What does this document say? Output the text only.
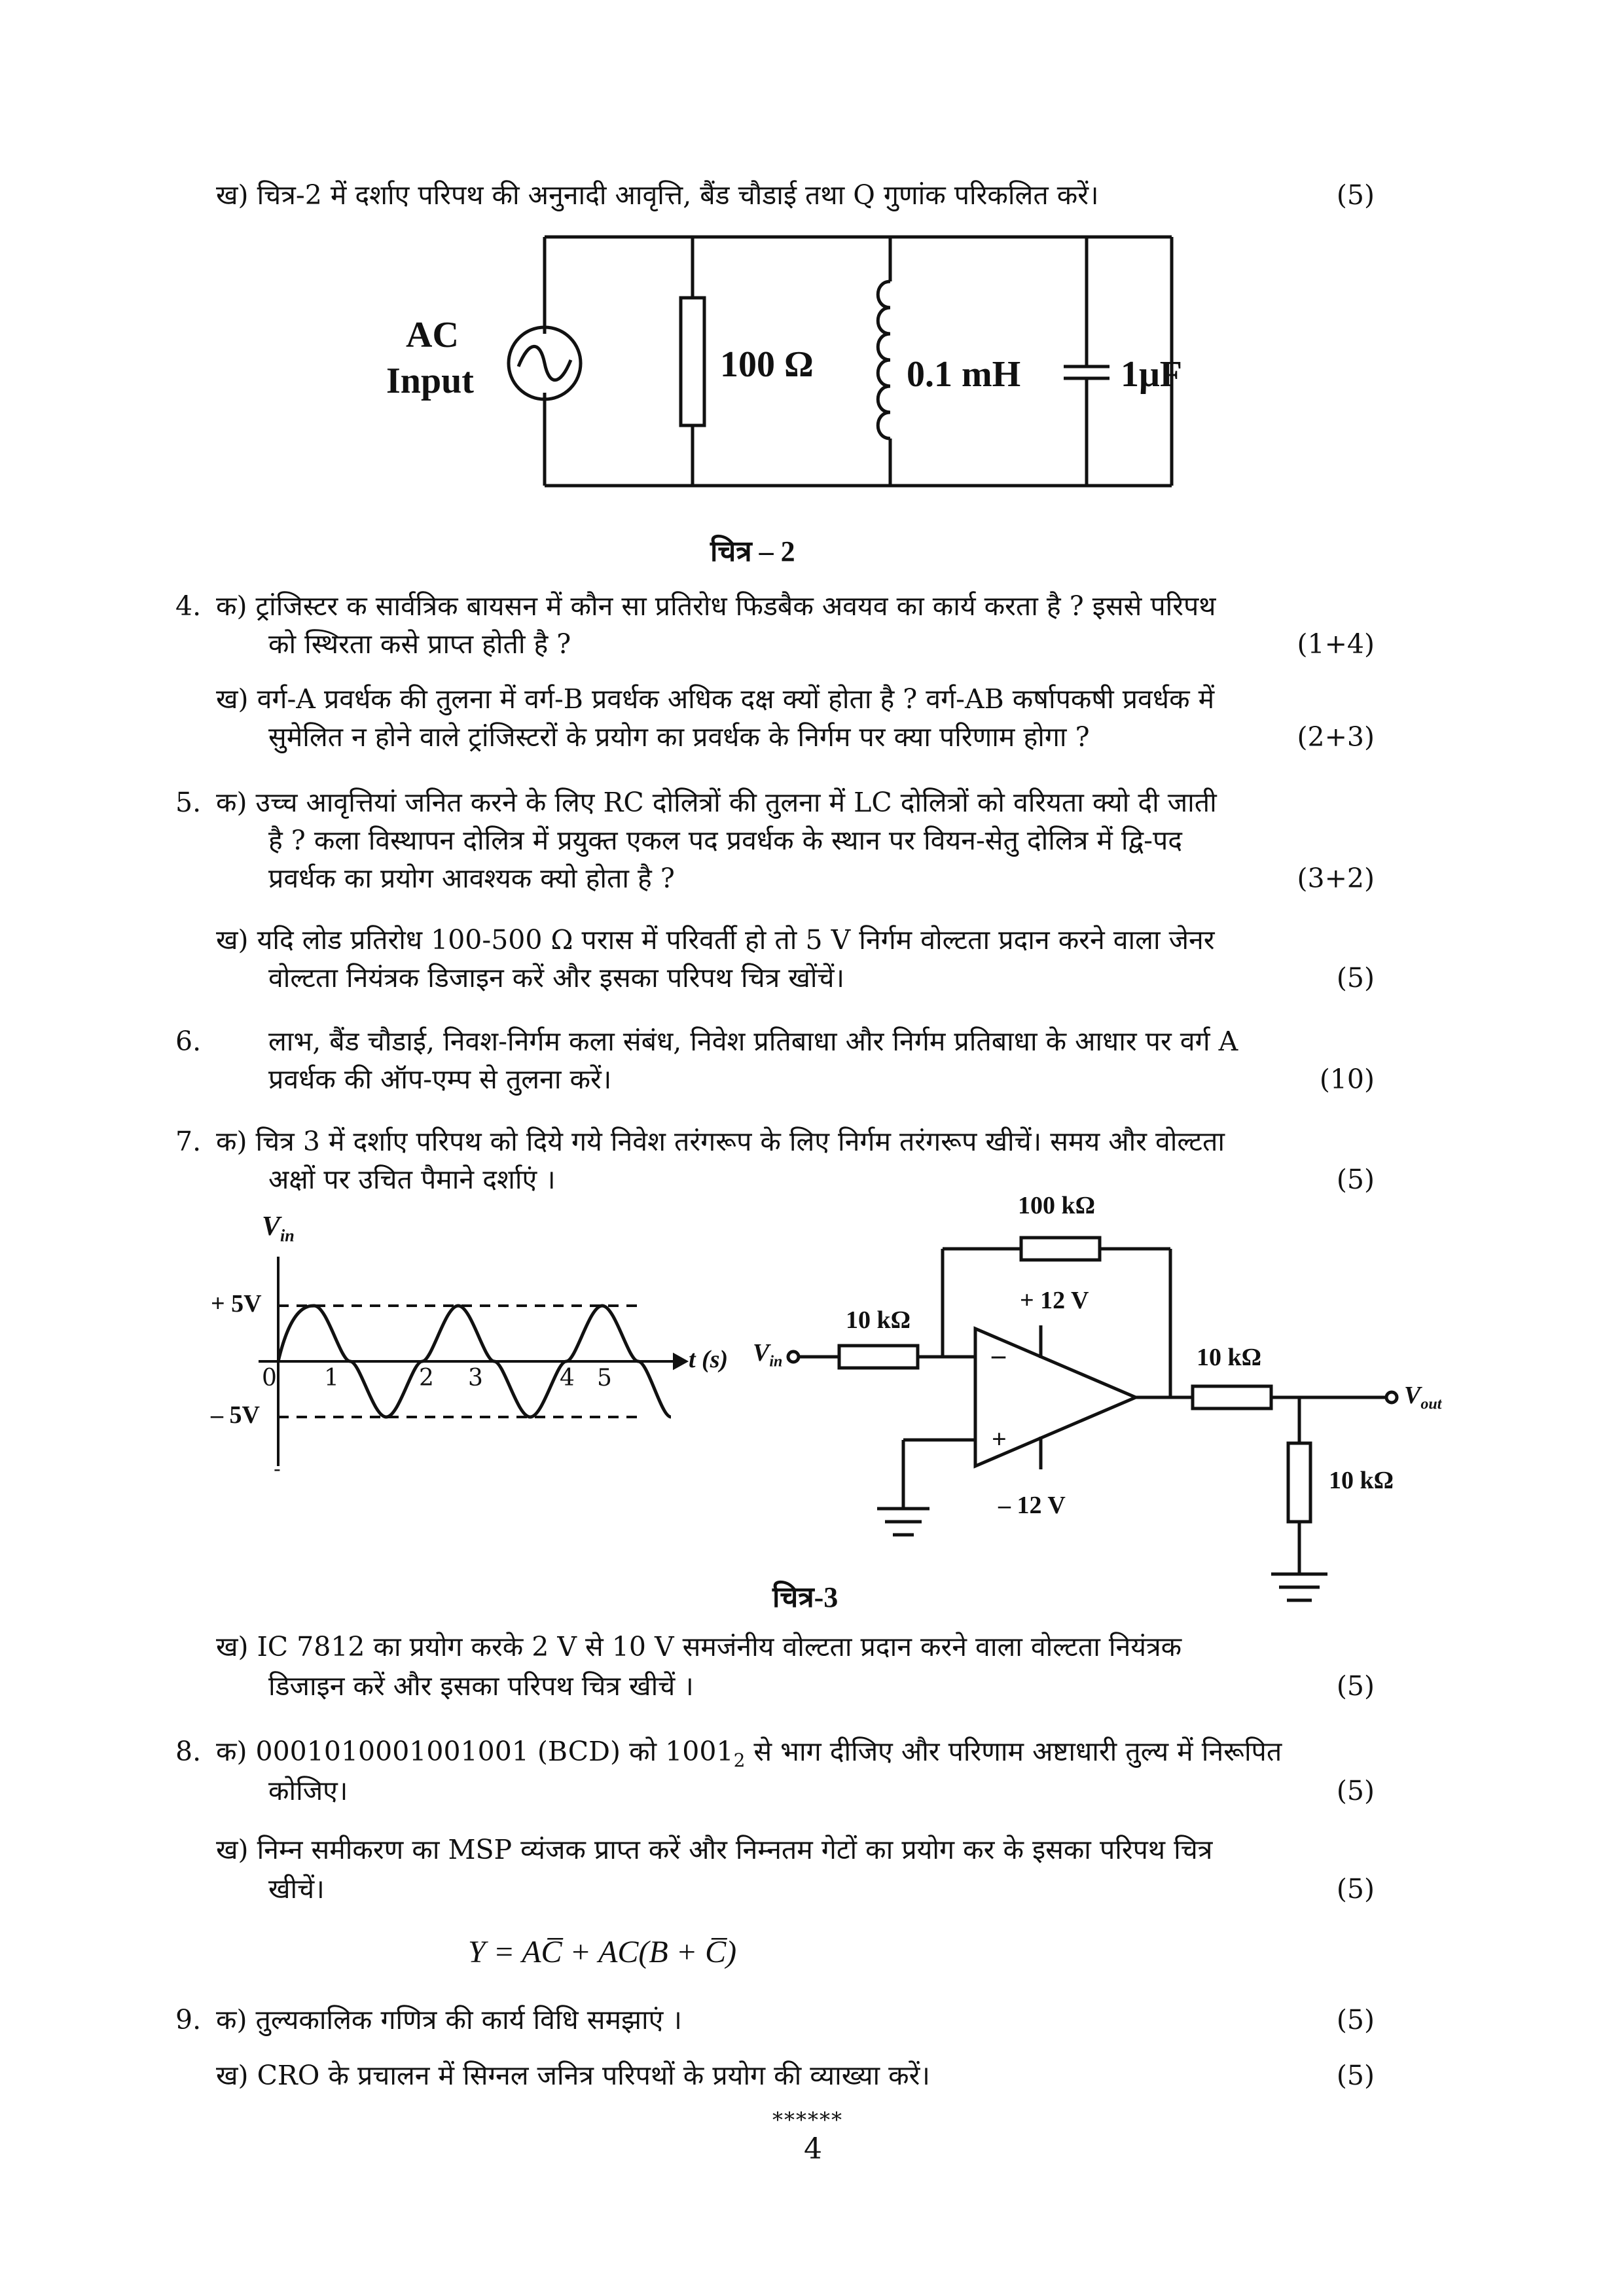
ख) चित्र-2 में दर्शाए परिपथ की अनुनादी आवृत्ति, बैंड चौडाई तथा Q गुणांक परिकलित करें।	(5)
AC
Input	100 Ω	0.1 mH	1μF
चित्र – 2
4. क) ट्रांजिस्टर क सार्वत्रिक बायसन में कौन सा प्रतिरोध फिडबैक अवयव का कार्य करता है ? इससे परिपथ
को स्थिरता कसे प्राप्त होती है ?	(1+4)
ख) वर्ग-A प्रवर्धक की तुलना में वर्ग-B प्रवर्धक अधिक दक्ष क्यों होता है ? वर्ग-AB कर्षापकषी प्रवर्धक में
सुमेलित न होने वाले ट्रांजिस्टरों के प्रयोग का प्रवर्धक के निर्गम पर क्या परिणाम होगा ?	(2+3)
5. क) उच्च आवृत्तियां जनित करने के लिए RC दोलित्रों की तुलना में LC दोलित्रों को वरियता क्यो दी जाती
है ? कला विस्थापन दोलित्र में प्रयुक्त एकल पद प्रवर्धक के स्थान पर वियन-सेतु दोलित्र में द्वि-पद
प्रवर्धक का प्रयोग आवश्यक क्यो होता है ?	(3+2)
ख) यदि लोड प्रतिरोध 100-500 Ω परास में परिवर्ती हो तो 5 V निर्गम वोल्टता प्रदान करने वाला जेनर
वोल्टता नियंत्रक डिजाइन करें और इसका परिपथ चित्र खोंचें।	(5)
6.	लाभ, बैंड चौडाई, निवश-निर्गम कला संबंध, निवेश प्रतिबाधा और निर्गम प्रतिबाधा के आधार पर वर्ग A
प्रवर्धक की ऑप-एम्प से तुलना करें।	(10)
7. क) चित्र 3 में दर्शाए परिपथ को दियेे गये निवेश तरंगरूप के लिए निर्गम तरंगरूप खीचें। समय और वोल्टता
अक्षों पर उचित पैमाने दर्शाएं ।	(5)
$V_{in}$
+ 5V
– 5V
0 1	2 3	4 5
t (s)
-
100 kΩ
10 kΩ
+ 12 V
– 12 V
10 kΩ
10 kΩ
–
+
$V_{in}$
$V_{out}$
चित्र-3
ख) IC 7812 का प्रयोग करके 2 V से 10 V समजंनीय वोल्टता प्रदान करने वाला वोल्टता नियंत्रक
डिजाइन करें और इसका परिपथ चित्र खीचें ।	(5)
8. क) 0001010001001001 (BCD) को $1001_2$ से भाग दीजिए और परिणाम अष्टाधारी तुल्य में निरूपित
कोजिए।	(5)
ख) निम्न समीकरण का MSP व्यंजक प्राप्त करें और निम्नतम गेटों का प्रयोग कर के इसका परिपथ चित्र
खीचें।	(5)
Y = AC̅ + AC(B + C̅)
9. क) तुल्यकालिक गणित्र की कार्य विधि समझाएं ।	(5)
ख) CRO के प्रचालन में सिग्नल जनित्र परिपथों के प्रयोग की व्याख्या करें।	(5)
******
4
